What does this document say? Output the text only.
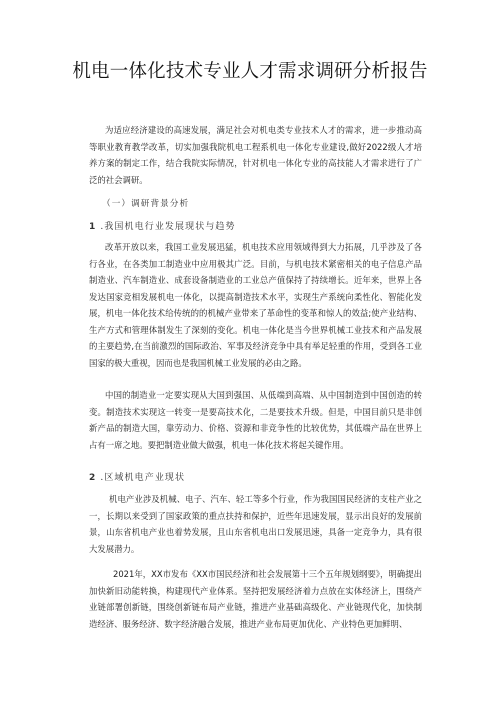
机电一体化技术专业人才需求调研分析报告
为适应经济建设的高速发展，满足社会对机电类专业技术人才的需求，进一步推动高等职业教育教学改革，切实加强我院机电工程系机电一体化专业建设,做好2022级人才培养方案的制定工作，结合我院实际情况，针对机电一体化专业的高技能人才需求进行了广泛的社会调研。
（一）调研背景分析
1 .我国机电行业发展现状与趋势
改革开放以来，我国工业发展迅猛，机电技术应用领域得到大力拓展，几乎涉及了各行各业，在各类加工制造业中应用极其广泛。目前，与机电技术紧密相关的电子信息产品制造业、汽车制造业、成套设备制造业的工业总产值保持了持续增长。近年来，世界上各发达国家竞相发展机电一体化，以提高制造技术水平，实现生产系统向柔性化、智能化发展，机电一体化技术给传统的的机械产业带来了革命性的变革和惊人的效益;使产业结构、生产方式和管理体制发生了深刻的变化。机电一体化是当今世界机械工业技术和产品发展的主要趋势,在当前激烈的国际政治、军事及经济竞争中具有举足轻重的作用，受到各工业国家的极大重视，因而也是我国机械工业发展的必由之路。
中国的制造业一定要实现从大国到强国、从低端到高端、从中国制造到中国创造的转变。制造技术实现这一转变一是要高技术化，二是要技术升级。但是，中国目前只是非创新产品的制造大国，靠劳动力、价格、资源和非竞争性的比较优势，其低端产品在世界上占有一席之地。要把制造业做大做强，机电一体化技术将起关键作用。
2 .区域机电产业现状
机电产业涉及机械、电子、汽车、轻工等多个行业，作为我国国民经济的支柱产业之一，长期以来受到了国家政策的重点扶持和保护，近些年迅速发展，显示出良好的发展前景，山东省机电产业也着势发展，且山东省机电出口发展迅速，具备一定竞争力，具有很大发展潜力。
2021年，XX市发布《XX市国民经济和社会发展第十三个五年规划纲要》，明确提出加快新旧动能转换，构建现代产业体系。坚持把发展经济着力点放在实体经济上，围绕产业链部署创新链，围绕创新链布局产业链，推进产业基础高级化、产业链现代化，加快制造经济、服务经济、数字经济融合发展，推进产业布局更加优化、产业特色更加鲜明、
